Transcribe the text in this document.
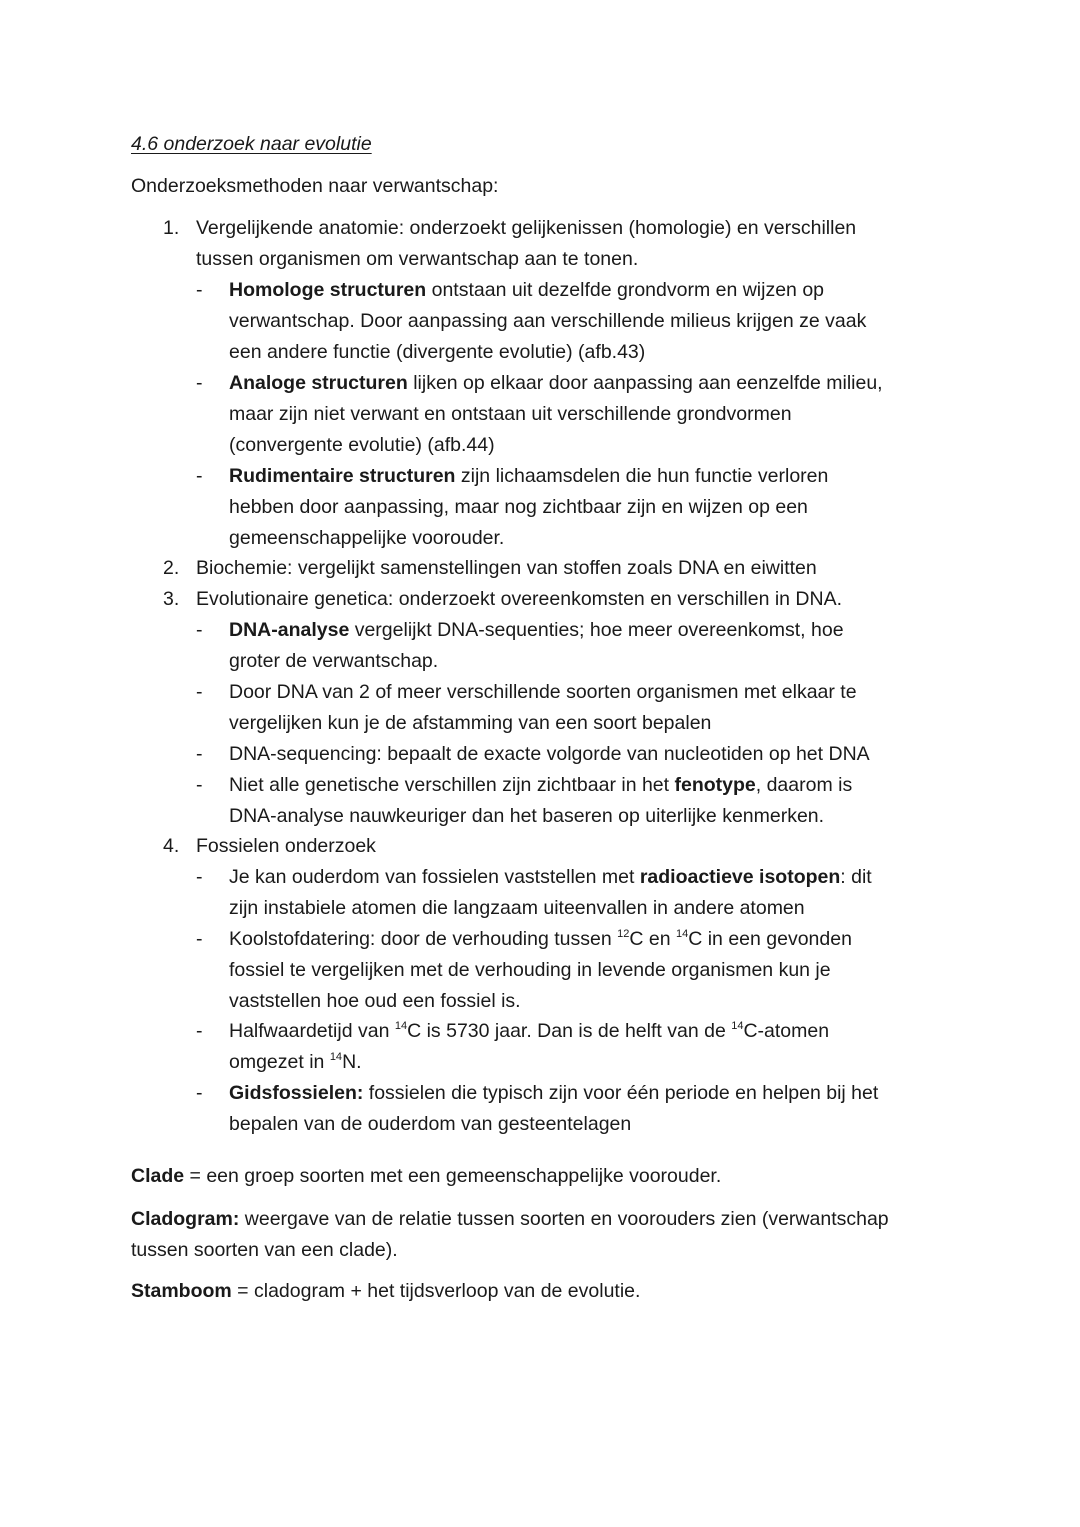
4.6 onderzoek naar evolutie
Onderzoeksmethoden naar verwantschap:
1. Vergelijkende anatomie: onderzoekt gelijkenissen (homologie) en verschillen
tussen organismen om verwantschap aan te tonen.
- Homologe structuren ontstaan uit dezelfde grondvorm en wijzen op
verwantschap. Door aanpassing aan verschillende milieus krijgen ze vaak
een andere functie (divergente evolutie) (afb.43)
- Analoge structuren lijken op elkaar door aanpassing aan eenzelfde milieu,
maar zijn niet verwant en ontstaan uit verschillende grondvormen
(convergente evolutie) (afb.44)
- Rudimentaire structuren zijn lichaamsdelen die hun functie verloren
hebben door aanpassing, maar nog zichtbaar zijn en wijzen op een
gemeenschappelijke voorouder.
2. Biochemie: vergelijkt samenstellingen van stoffen zoals DNA en eiwitten
3. Evolutionaire genetica: onderzoekt overeenkomsten en verschillen in DNA.
- DNA-analyse vergelijkt DNA-sequenties; hoe meer overeenkomst, hoe
groter de verwantschap.
- Door DNA van 2 of meer verschillende soorten organismen met elkaar te
vergelijken kun je de afstamming van een soort bepalen
- DNA-sequencing: bepaalt de exacte volgorde van nucleotiden op het DNA
- Niet alle genetische verschillen zijn zichtbaar in het fenotype, daarom is
DNA-analyse nauwkeuriger dan het baseren op uiterlijke kenmerken.
4. Fossielen onderzoek
- Je kan ouderdom van fossielen vaststellen met radioactieve isotopen: dit
zijn instabiele atomen die langzaam uiteenvallen in andere atomen
- Koolstofdatering: door de verhouding tussen $^{12}$C en $^{14}$C in een gevonden
fossiel te vergelijken met de verhouding in levende organismen kun je
vaststellen hoe oud een fossiel is.
- Halfwaardetijd van $^{14}$C is 5730 jaar. Dan is de helft van de $^{14}$C-atomen
omgezet in $^{14}$N.
- Gidsfossielen: fossielen die typisch zijn voor één periode en helpen bij het
bepalen van de ouderdom van gesteentelagen
Clade = een groep soorten met een gemeenschappelijke voorouder.
Cladogram: weergave van de relatie tussen soorten en voorouders zien (verwantschap
tussen soorten van een clade).
Stamboom = cladogram + het tijdsverloop van de evolutie.
